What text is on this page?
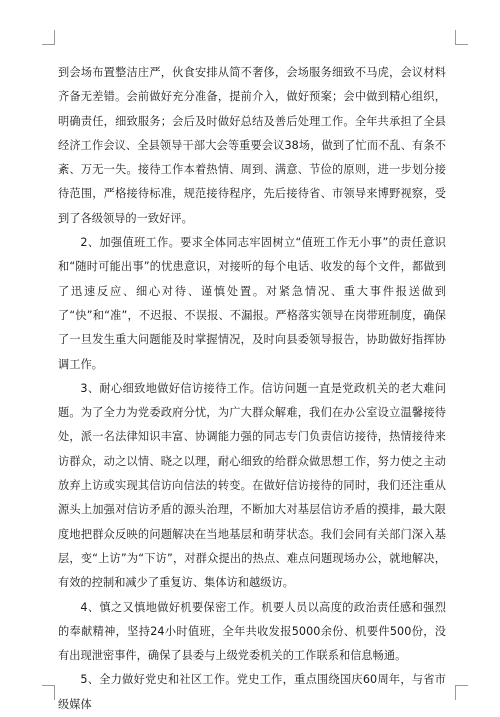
到会场布置整洁庄严，伙食安排从简不奢侈，会场服务细致不马虎，会议材料齐备无差错。会前做好充分准备，提前介入，做好预案；会中做到精心组织，明确责任，细致服务；会后及时做好总结及善后处理工作。全年共承担了全县经济工作会议、全县领导干部大会等重要会议38场，做到了忙而不乱、有条不紊、万无一失。接待工作本着热情、周到、满意、节俭的原则，进一步划分接待范围，严格接待标准，规范接待程序，先后接待省、市领导来博野视察，受到了各级领导的一致好评。

2、加强值班工作。要求全体同志牢固树立“值班工作无小事”的责任意识和“随时可能出事”的忧患意识，对接听的每个电话、收发的每个文件，都做到了迅速反应、细心对待、谨慎处置。对紧急情况、重大事件报送做到了“快”和“准”，不迟报、不误报、不漏报。严格落实领导在岗带班制度，确保了一旦发生重大问题能及时掌握情况，及时向县委领导报告，协助做好指挥协调工作。

3、耐心细致地做好信访接待工作。信访问题一直是党政机关的老大难问题。为了全力为党委政府分忧，为广大群众解难，我们在办公室设立温馨接待处，派一名法律知识丰富、协调能力强的同志专门负责信访接待，热情接待来访群众，动之以情、晓之以理，耐心细致的给群众做思想工作，努力使之主动放弃上访或实现其信访向信法的转变。在做好信访接待的同时，我们还注重从源头上加强对信访矛盾的源头治理，不断加大对基层信访矛盾的摸排，最大限度地把群众反映的问题解决在当地基层和萌芽状态。我们会同有关部门深入基层，变“上访”为“下访”，对群众提出的热点、难点问题现场办公，就地解决，有效的控制和减少了重复访、集体访和越级访。

4、慎之又慎地做好机要保密工作。机要人员以高度的政治责任感和强烈的奉献精神，坚持24小时值班，全年共收发报5000余份、机要件500份，没有出现泄密事件，确保了县委与上级党委机关的工作联系和信息畅通。

5、全力做好党史和社区工作。党史工作，重点围绕国庆60周年，与省市级媒体
